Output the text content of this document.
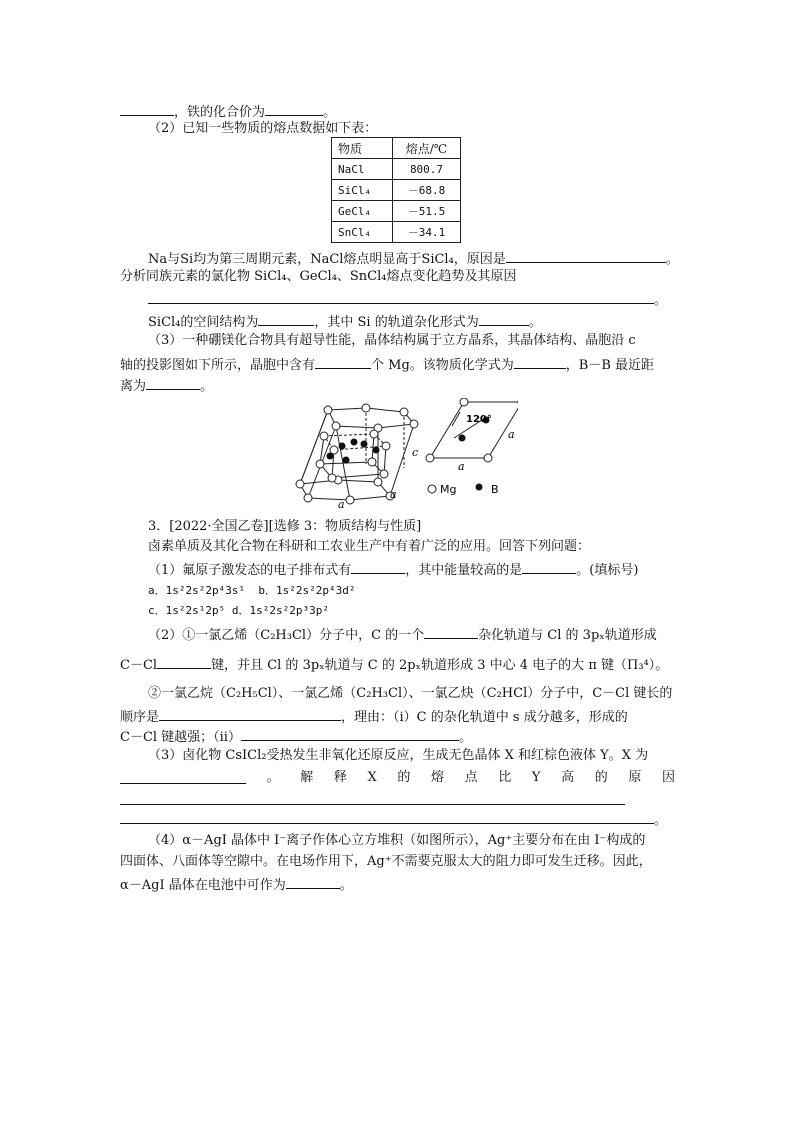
，铁的化合价为	。
（2）已知一些物质的熔点数据如下表：
物质	熔点/℃
NaCl	800.7
SiCl₄	－68.8
GeCl₄	－51.5
SnCl₄	－34.1
Na与Si均为第三周期元素，NaCl熔点明显高于SiCl₄，原因是	。
分析同族元素的氯化物 SiCl₄、GeCl₄、SnCl₄熔点变化趋势及其原因
。
SiCl₄的空间结构为	，其中 Si 的轨道杂化形式为	。
（3）一种硼镁化合物具有超导性能，晶体结构属于立方晶系，其晶体结构、晶胞沿 c
轴的投影图如下所示，晶胞中含有	个 Mg。该物质化学式为	，B－B 最近距
离为	。
c
a
a
120°
a
a
Mg	B
3．[2022·全国乙卷][选修 3：物质结构与性质]
卤素单质及其化合物在科研和工农业生产中有着广泛的应用。回答下列问题：
（1）氟原子激发态的电子排布式有	，其中能量较高的是	。(填标号)
a．1s²2s²2p⁴3s¹ b．1s²2s²2p⁴3d²
c．1s²2s¹2p⁵ d．1s²2s²2p³3p²
（2）①一氯乙烯（C₂H₃Cl）分子中，C 的一个	杂化轨道与 Cl 的 3pₓ轨道形成
C－Cl	键，并且 Cl 的 3pₓ轨道与 C 的 2pₓ轨道形成 3 中心 4 电子的大 π 键（Π₃⁴）。
②一氯乙烷（C₂H₅Cl）、一氯乙烯（C₂H₃Cl）、一氯乙炔（C₂HCl）分子中，C－Cl 键长的
顺序是	，理由：（ⅰ）C 的杂化轨道中 s 成分越多，形成的
C－Cl 键越强；（ⅱ）	。
（3）卤化物 CsICl₂受热发生非氧化还原反应，生成无色晶体 X 和红棕色液体 Y。X 为
。 解 释 X 的 熔 点 比 Y 高 的 原 因
。
（4）α－AgI 晶体中 I⁻离子作体心立方堆积（如图所示），Ag⁺主要分布在由 I⁻构成的
四面体、八面体等空隙中。在电场作用下，Ag⁺不需要克服太大的阻力即可发生迁移。因此，
α－AgI 晶体在电池中可作为	。
